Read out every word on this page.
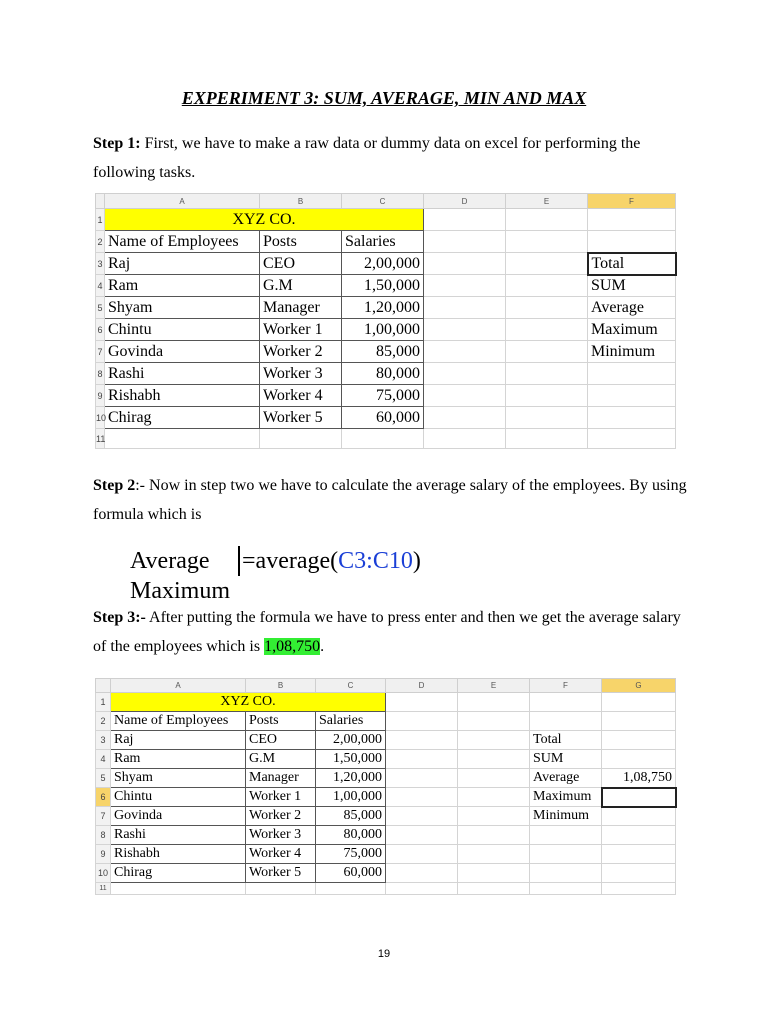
EXPERIMENT 3: SUM, AVERAGE, MIN AND MAX
Step 1: First, we have to make a raw data or dummy data on excel for performing the following tasks.
	A	B	C	D	E	F
1	XYZ CO.					
2	Name of Employees	Posts	Salaries			
3	Raj	CEO	2,00,000			Total
4	Ram	G.M	1,50,000			SUM
5	Shyam	Manager	1,20,000			Average
6	Chintu	Worker 1	1,00,000			Maximum
7	Govinda	Worker 2	85,000			Minimum
8	Rashi	Worker 3	80,000			
9	Rishabh	Worker 4	75,000			
10	Chirag	Worker 5	60,000			
11						
Step 2:- Now in step two we have to calculate the average salary of the employees. By using formula which is
Average =average(C3:C10)
Maximum
Step 3:- After putting the formula we have to press enter and then we get the average salary of the employees which is 1,08,750.
	A	B	C	D	E	F	G
1	XYZ CO.						
2	Name of Employees	Posts	Salaries				
3	Raj	CEO	2,00,000			Total	
4	Ram	G.M	1,50,000			SUM	
5	Shyam	Manager	1,20,000			Average	1,08,750
6	Chintu	Worker 1	1,00,000			Maximum	
7	Govinda	Worker 2	85,000			Minimum	
8	Rashi	Worker 3	80,000				
9	Rishabh	Worker 4	75,000				
10	Chirag	Worker 5	60,000				
11							
19
